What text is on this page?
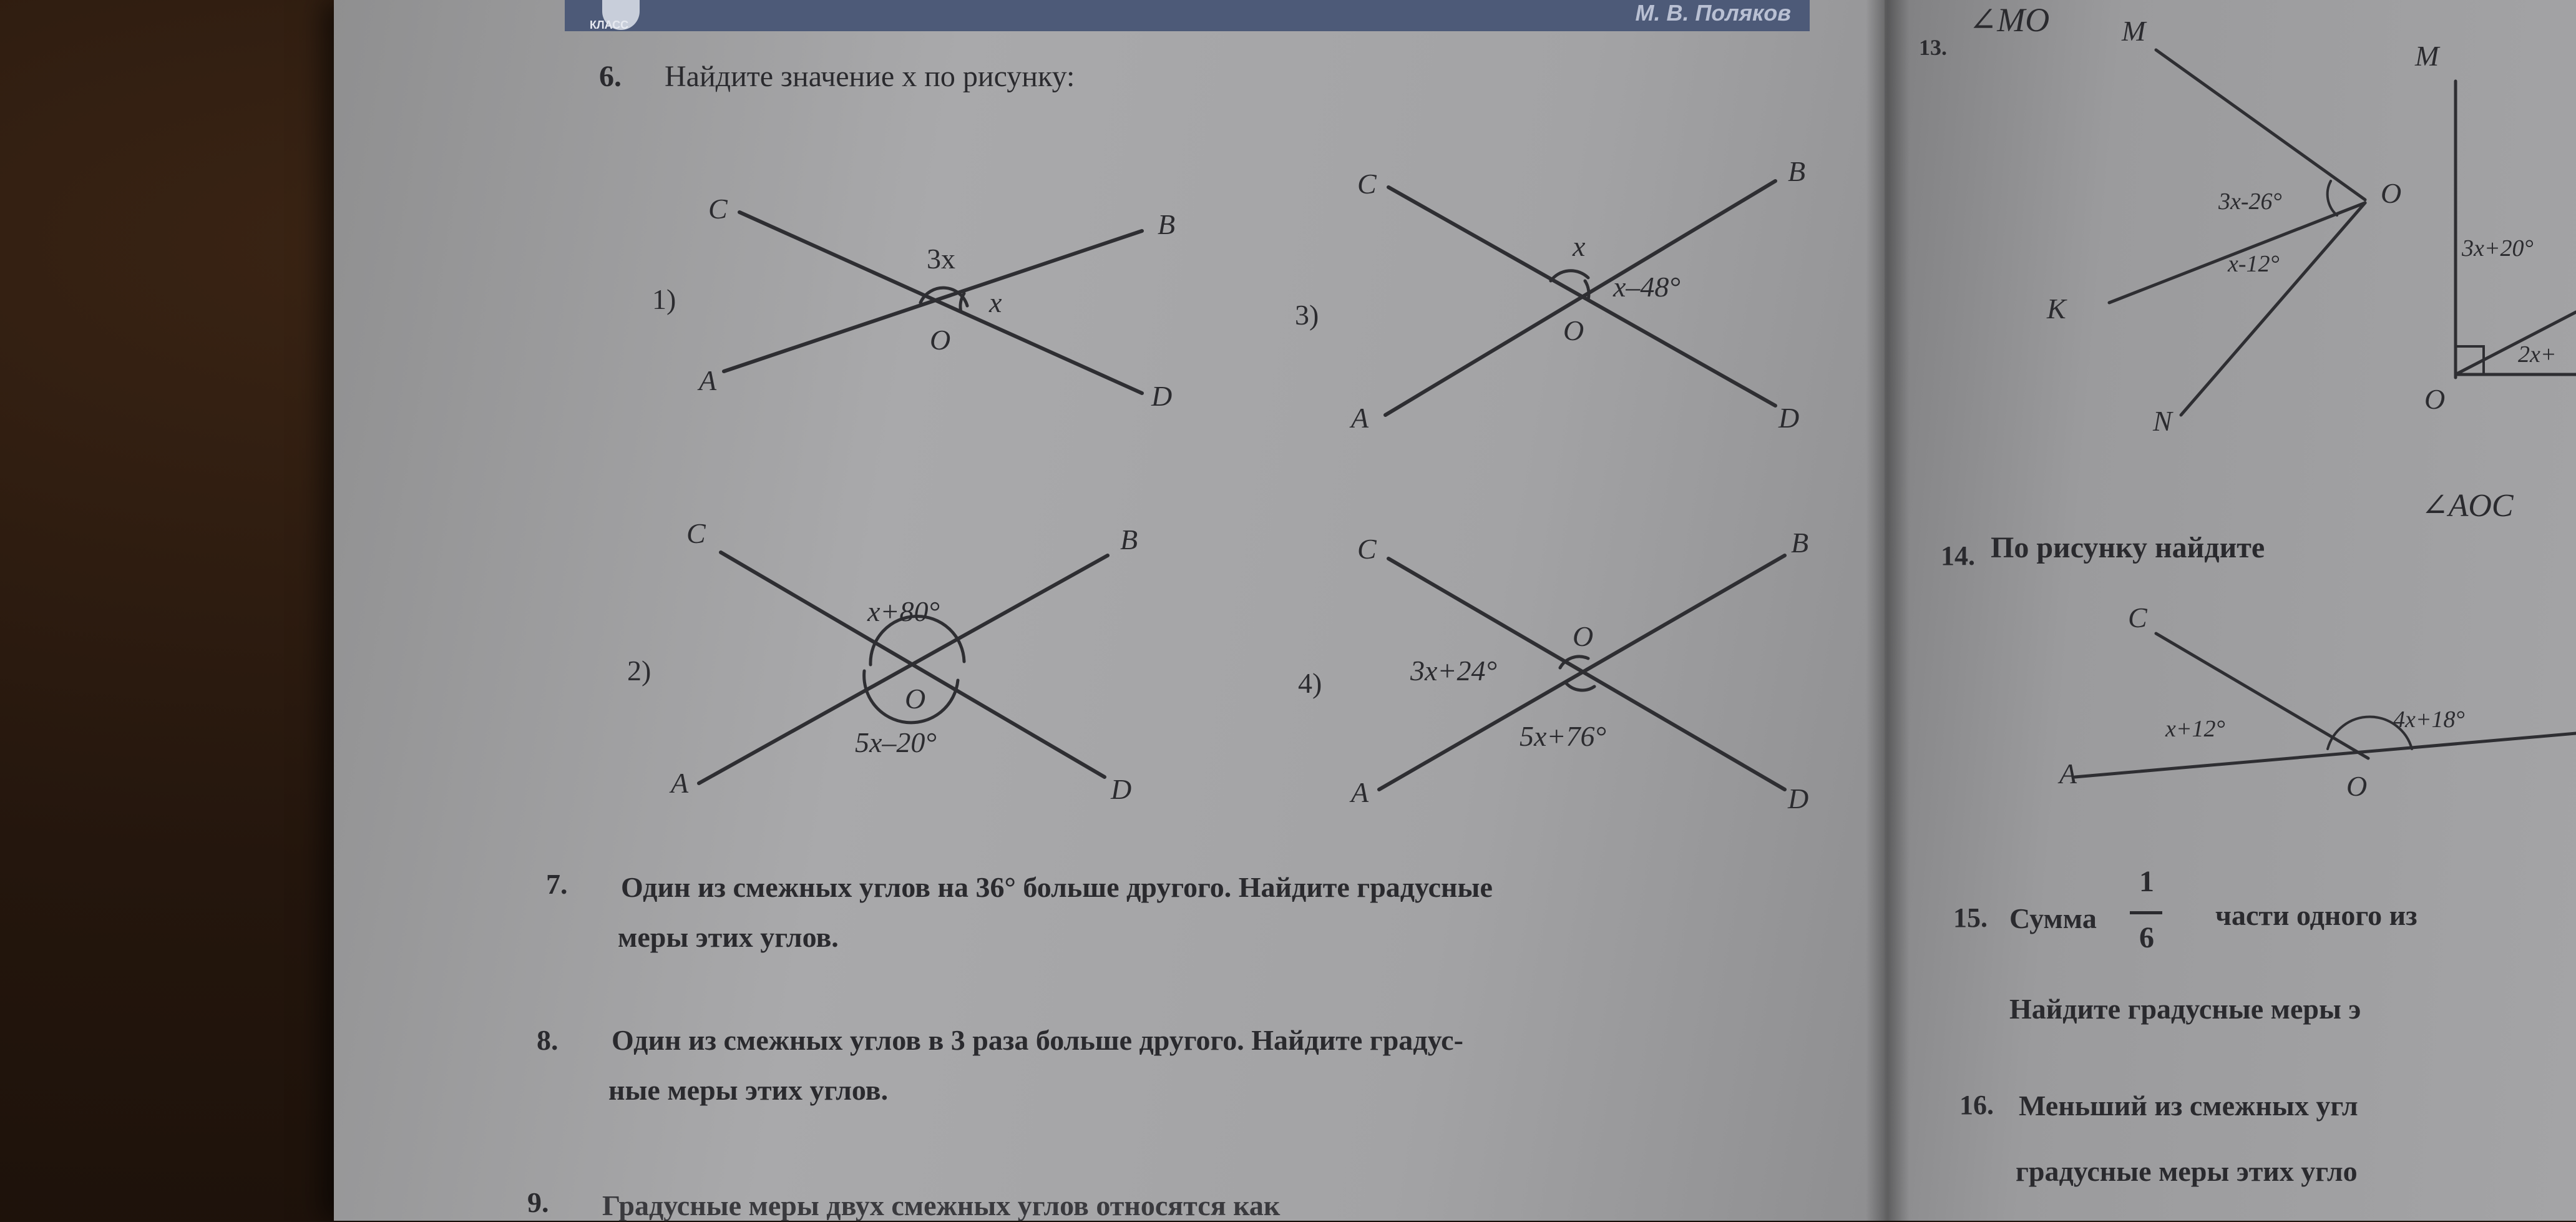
КЛАСС	М. В. Поляков
6. Найдите значение x по рисунку:
C	B
A	D
O
3x
x
1)
C	B
A	D
O
x
x–48°
3)
C	B
A	D
O
x+80°
5x–20°
2)
C	B
A	D
O
3x+24°
5x+76°
4)
M
O
K
N
3x-26°
x-12°
M
O
3x+20°
2x+
C
A	O
x+12°	4x+18°
7. Один из смежных углов на 36° больше другого. Найдите градусные
меры этих углов.
8. Один из смежных углов в 3 раза больше другого. Найдите градус-
ные меры этих углов.
9. Градусные меры двух смежных углов относятся как
13.
∠MO
14. По рисунку найдите
∠AOC
15. Сумма
1
6
части одного из
Найдите градусные меры э
16. Меньший из смежных угл
градусные меры этих угло
